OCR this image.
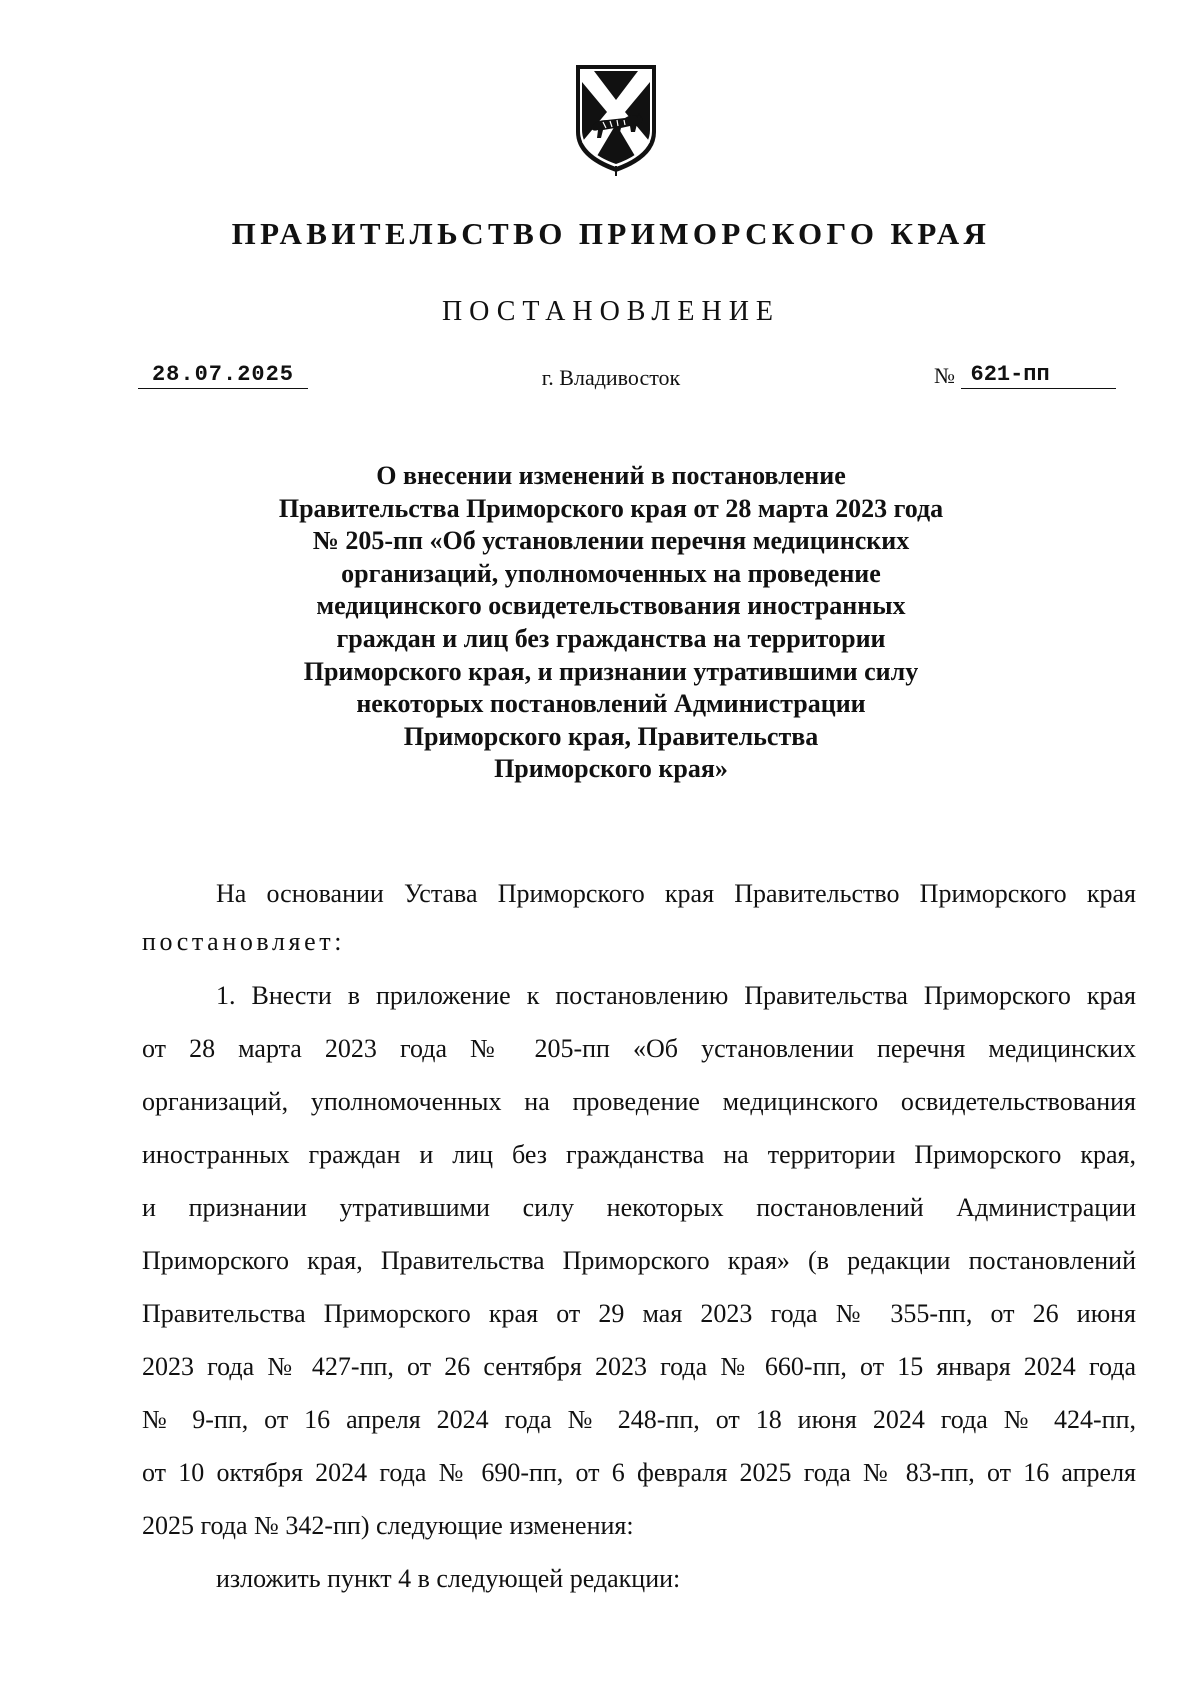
ПРАВИТЕЛЬСТВО ПРИМОРСКОГО КРАЯ
ПОСТАНОВЛЕНИЕ
28.07.2025	г. Владивосток	№ 621-пп
О внесении изменений в постановление
Правительства Приморского края от 28 марта 2023 года
№ 205-пп «Об установлении перечня медицинских
организаций, уполномоченных на проведение
медицинского освидетельствования иностранных
граждан и лиц без гражданства на территории
Приморского края, и признании утратившими силу
некоторых постановлений Администрации
Приморского края, Правительства
Приморского края»
На основании Устава Приморского края Правительство Приморского края
постановляет:
1. Внести в приложение к постановлению Правительства Приморского края
от 28 марта 2023 года № 205-пп «Об установлении перечня медицинских
организаций, уполномоченных на проведение медицинского освидетельствования
иностранных граждан и лиц без гражданства на территории Приморского края,
и признании утратившими силу некоторых постановлений Администрации
Приморского края, Правительства Приморского края» (в редакции постановлений
Правительства Приморского края от 29 мая 2023 года № 355-пп, от 26 июня
2023 года № 427-пп, от 26 сентября 2023 года № 660-пп, от 15 января 2024 года
№ 9-пп, от 16 апреля 2024 года № 248-пп, от 18 июня 2024 года № 424-пп,
от 10 октября 2024 года № 690-пп, от 6 февраля 2025 года № 83-пп, от 16 апреля
2025 года № 342-пп) следующие изменения:
изложить пункт 4 в следующей редакции:
